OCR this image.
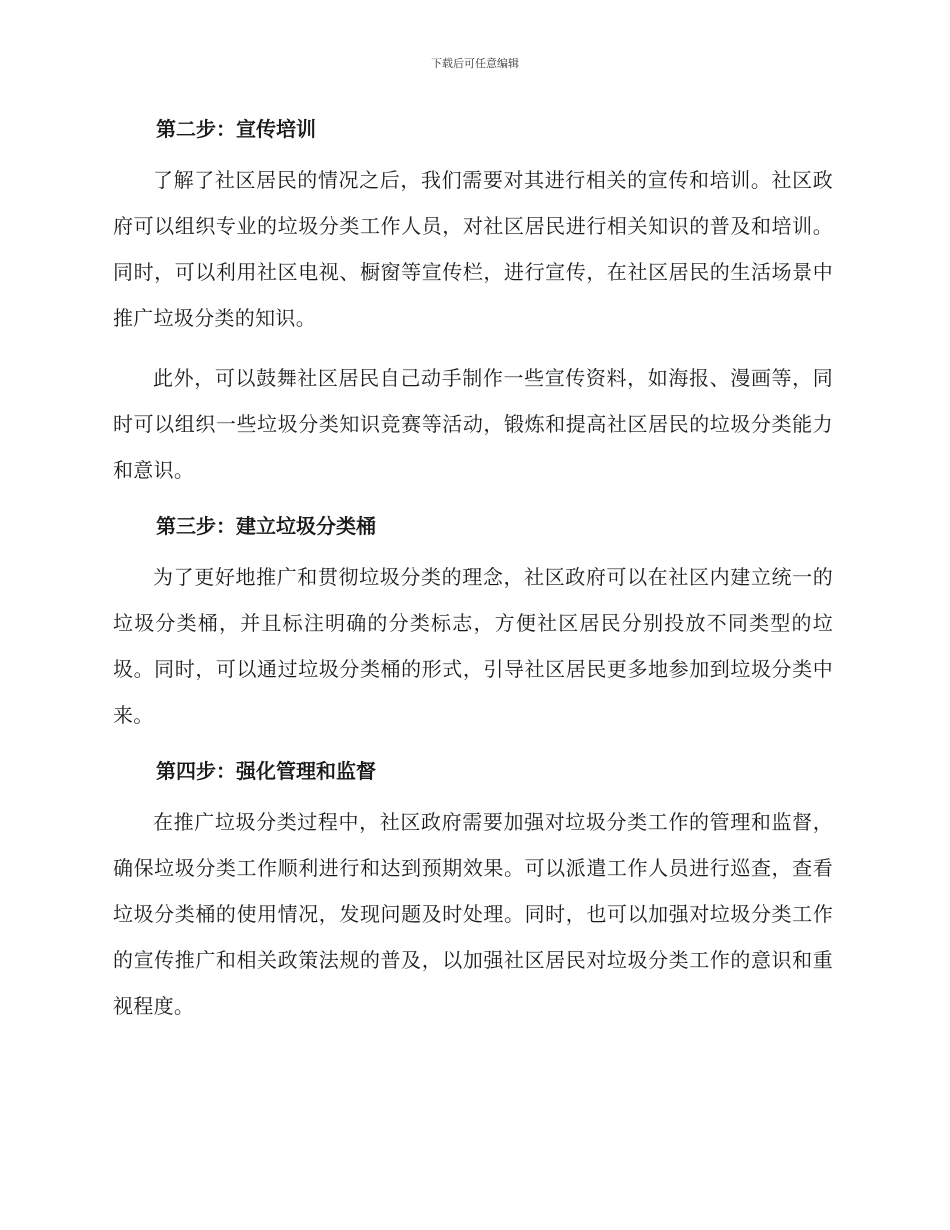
下载后可任意编辑
第二步：宣传培训

了解了社区居民的情况之后，我们需要对其进行相关的宣传和培训。社区政府可以组织专业的垃圾分类工作人员，对社区居民进行相关知识的普及和培训。同时，可以利用社区电视、橱窗等宣传栏，进行宣传，在社区居民的生活场景中推广垃圾分类的知识。

此外，可以鼓舞社区居民自己动手制作一些宣传资料，如海报、漫画等，同时可以组织一些垃圾分类知识竞赛等活动，锻炼和提高社区居民的垃圾分类能力和意识。

第三步：建立垃圾分类桶

为了更好地推广和贯彻垃圾分类的理念，社区政府可以在社区内建立统一的垃圾分类桶，并且标注明确的分类标志，方便社区居民分别投放不同类型的垃圾。同时，可以通过垃圾分类桶的形式，引导社区居民更多地参加到垃圾分类中来。

第四步：强化管理和监督

在推广垃圾分类过程中，社区政府需要加强对垃圾分类工作的管理和监督，确保垃圾分类工作顺利进行和达到预期效果。可以派遣工作人员进行巡查，查看垃圾分类桶的使用情况，发现问题及时处理。同时，也可以加强对垃圾分类工作的宣传推广和相关政策法规的普及，以加强社区居民对垃圾分类工作的意识和重视程度。
